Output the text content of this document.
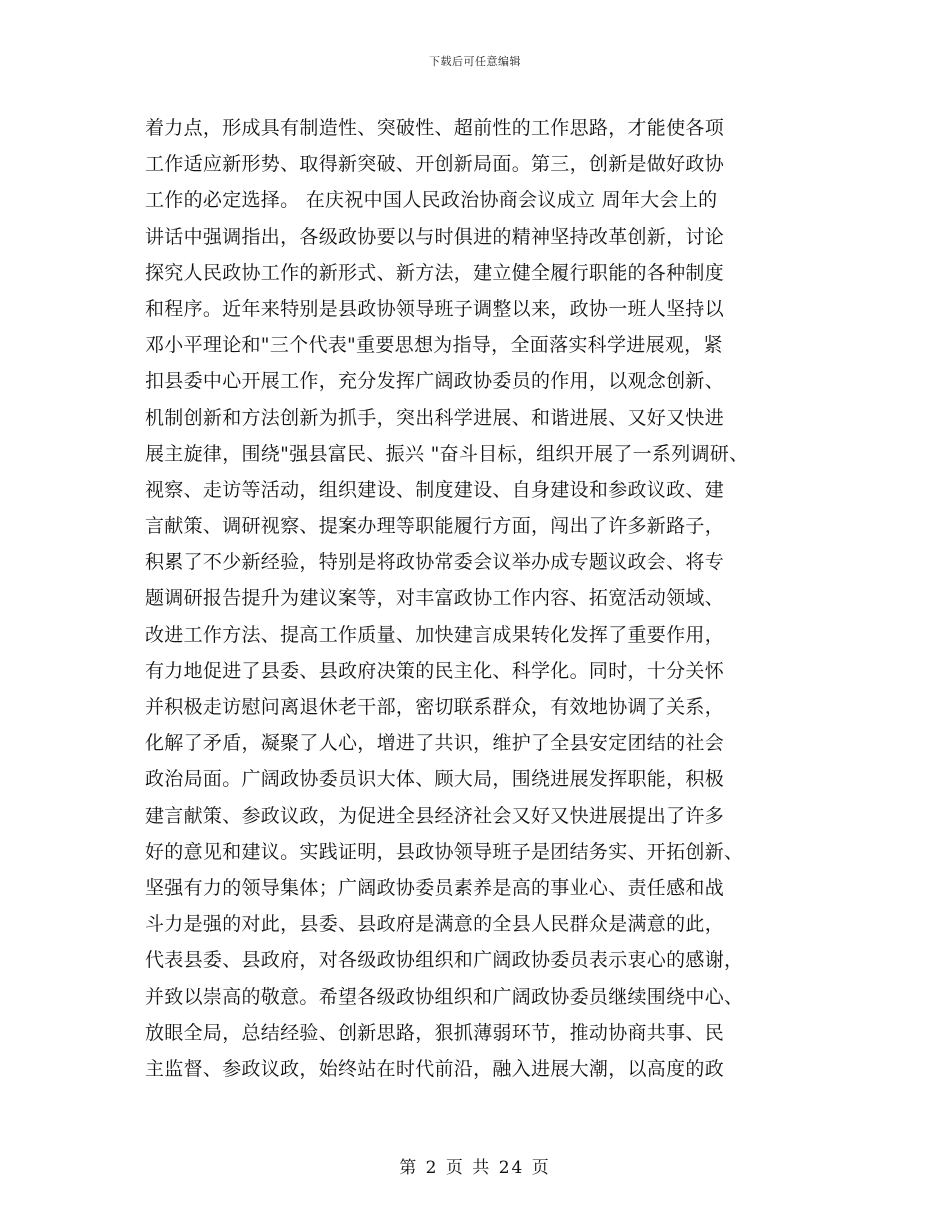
下载后可任意编辑
着力点，形成具有制造性、突破性、超前性的工作思路，才能使各项
工作适应新形势、取得新突破、开创新局面。第三，创新是做好政协
工作的必定选择。 在庆祝中国人民政治协商会议成立 周年大会上的
讲话中强调指出，各级政协要以与时俱进的精神坚持改革创新，讨论
探究人民政协工作的新形式、新方法，建立健全履行职能的各种制度
和程序。近年来特别是县政协领导班子调整以来，政协一班人坚持以
邓小平理论和"三个代表"重要思想为指导，全面落实科学进展观，紧
扣县委中心开展工作，充分发挥广阔政协委员的作用，以观念创新、
机制创新和方法创新为抓手，突出科学进展、和谐进展、又好又快进
展主旋律，围绕"强县富民、振兴 "奋斗目标，组织开展了一系列调研、
视察、走访等活动，组织建设、制度建设、自身建设和参政议政、建
言献策、调研视察、提案办理等职能履行方面，闯出了许多新路子，
积累了不少新经验，特别是将政协常委会议举办成专题议政会、将专
题调研报告提升为建议案等，对丰富政协工作内容、拓宽活动领域、
改进工作方法、提高工作质量、加快建言成果转化发挥了重要作用，
有力地促进了县委、县政府决策的民主化、科学化。同时，十分关怀
并积极走访慰问离退休老干部，密切联系群众，有效地协调了关系，
化解了矛盾，凝聚了人心，增进了共识，维护了全县安定团结的社会
政治局面。广阔政协委员识大体、顾大局，围绕进展发挥职能，积极
建言献策、参政议政，为促进全县经济社会又好又快进展提出了许多
好的意见和建议。实践证明，县政协领导班子是团结务实、开拓创新、
坚强有力的领导集体；广阔政协委员素养是高的事业心、责任感和战
斗力是强的对此，县委、县政府是满意的全县人民群众是满意的此，
代表县委、县政府，对各级政协组织和广阔政协委员表示衷心的感谢，
并致以崇高的敬意。希望各级政协组织和广阔政协委员继续围绕中心、
放眼全局，总结经验、创新思路，狠抓薄弱环节，推动协商共事、民
主监督、参政议政，始终站在时代前沿，融入进展大潮，以高度的政
第 2 页 共 24 页
